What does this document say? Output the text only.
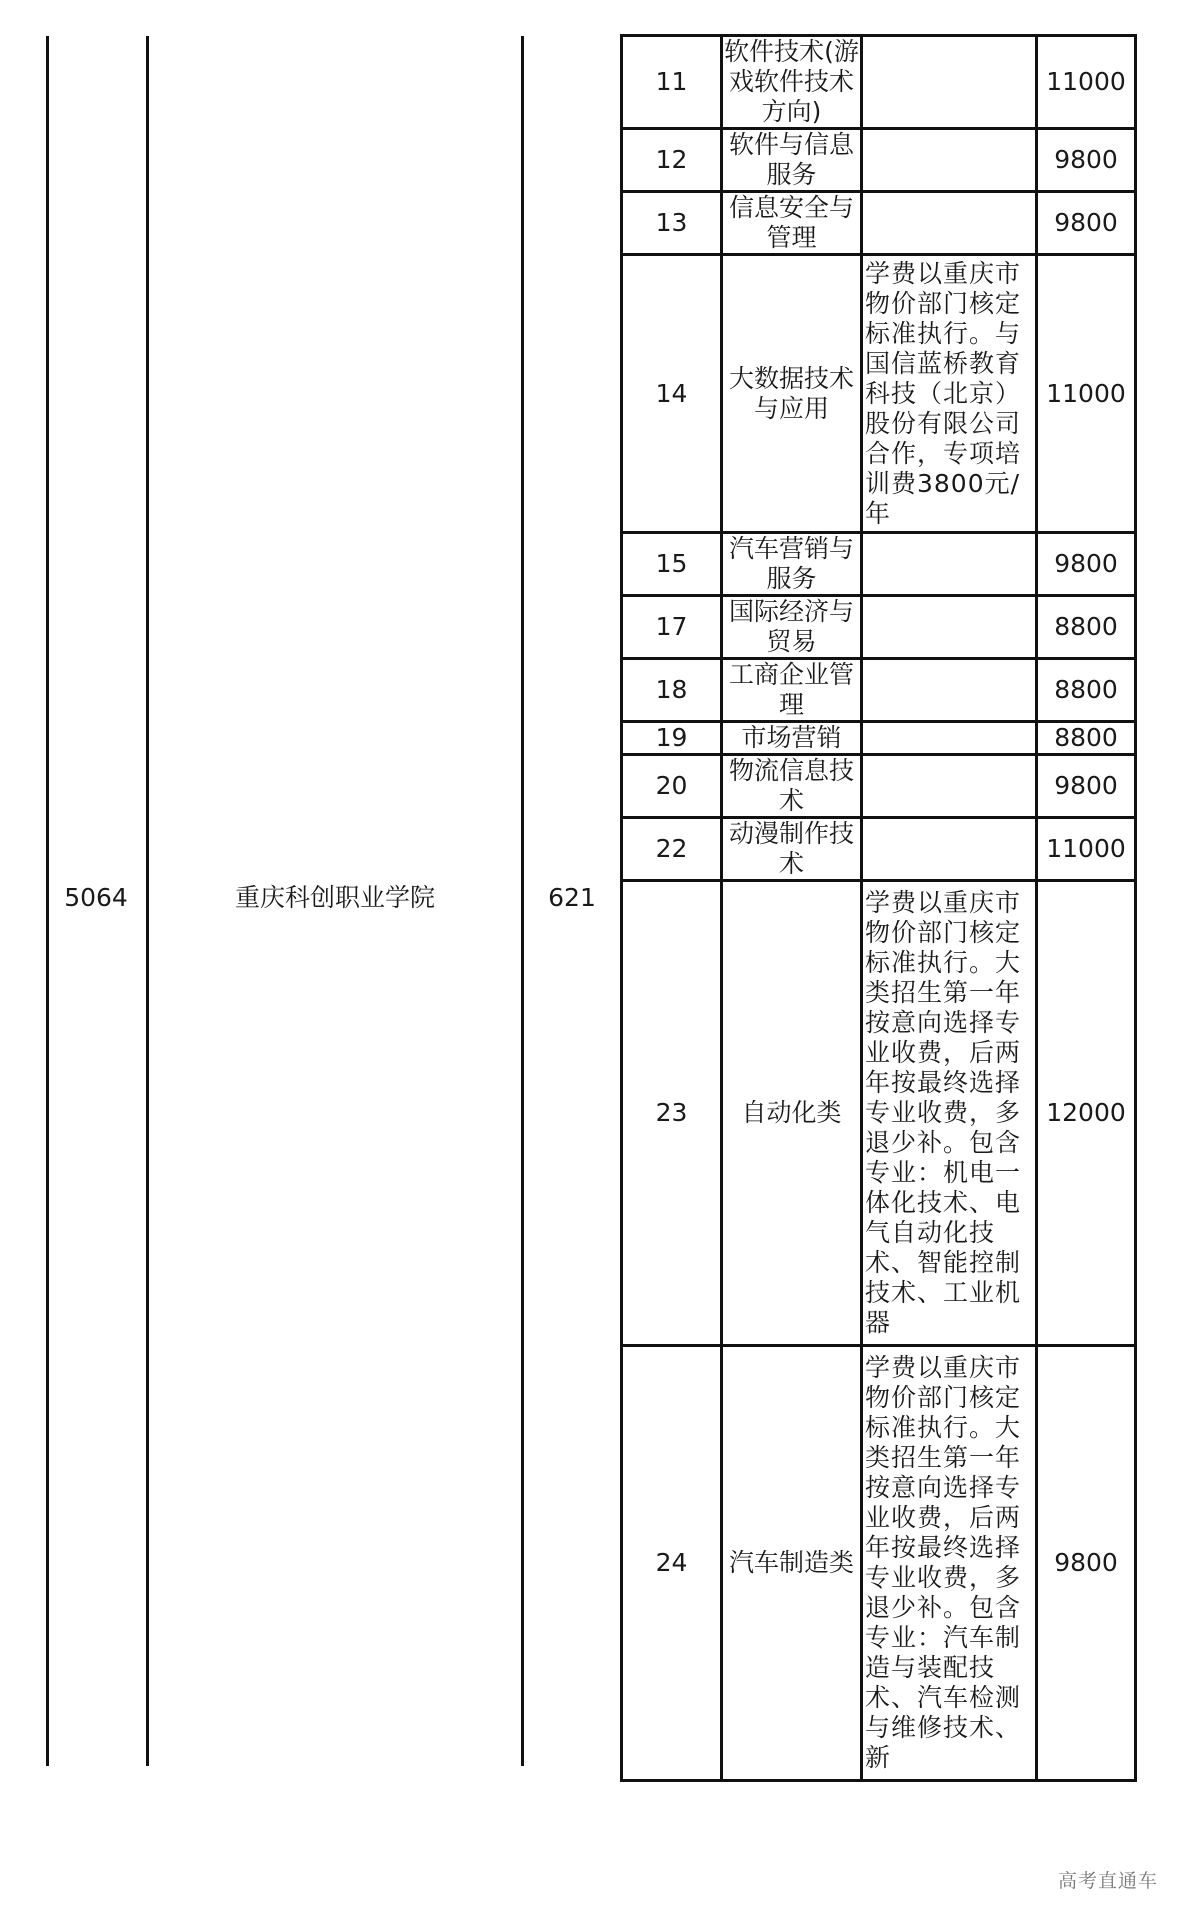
5064	重庆科创职业学院	621
11	软件技术(游戏软件技术方向)		11000
12	软件与信息服务		9800
13	信息安全与管理		9800
14	大数据技术与应用	学费以重庆市物价部门核定标准执行。与国信蓝桥教育科技（北京）股份有限公司合作，专项培训费3800元/年	11000
15	汽车营销与服务		9800
17	国际经济与贸易		8800
18	工商企业管理		8800
19	市场营销		8800
20	物流信息技术		9800
22	动漫制作技术		11000
23	自动化类	学费以重庆市物价部门核定标准执行。大类招生第一年按意向选择专业收费，后两年按最终选择专业收费，多退少补。包含专业：机电一体化技术、电气自动化技术、智能控制技术、工业机器	12000
24	汽车制造类	学费以重庆市物价部门核定标准执行。大类招生第一年按意向选择专业收费，后两年按最终选择专业收费，多退少补。包含专业：汽车制造与装配技术、汽车检测与维修技术、新	9800
高考直通车
